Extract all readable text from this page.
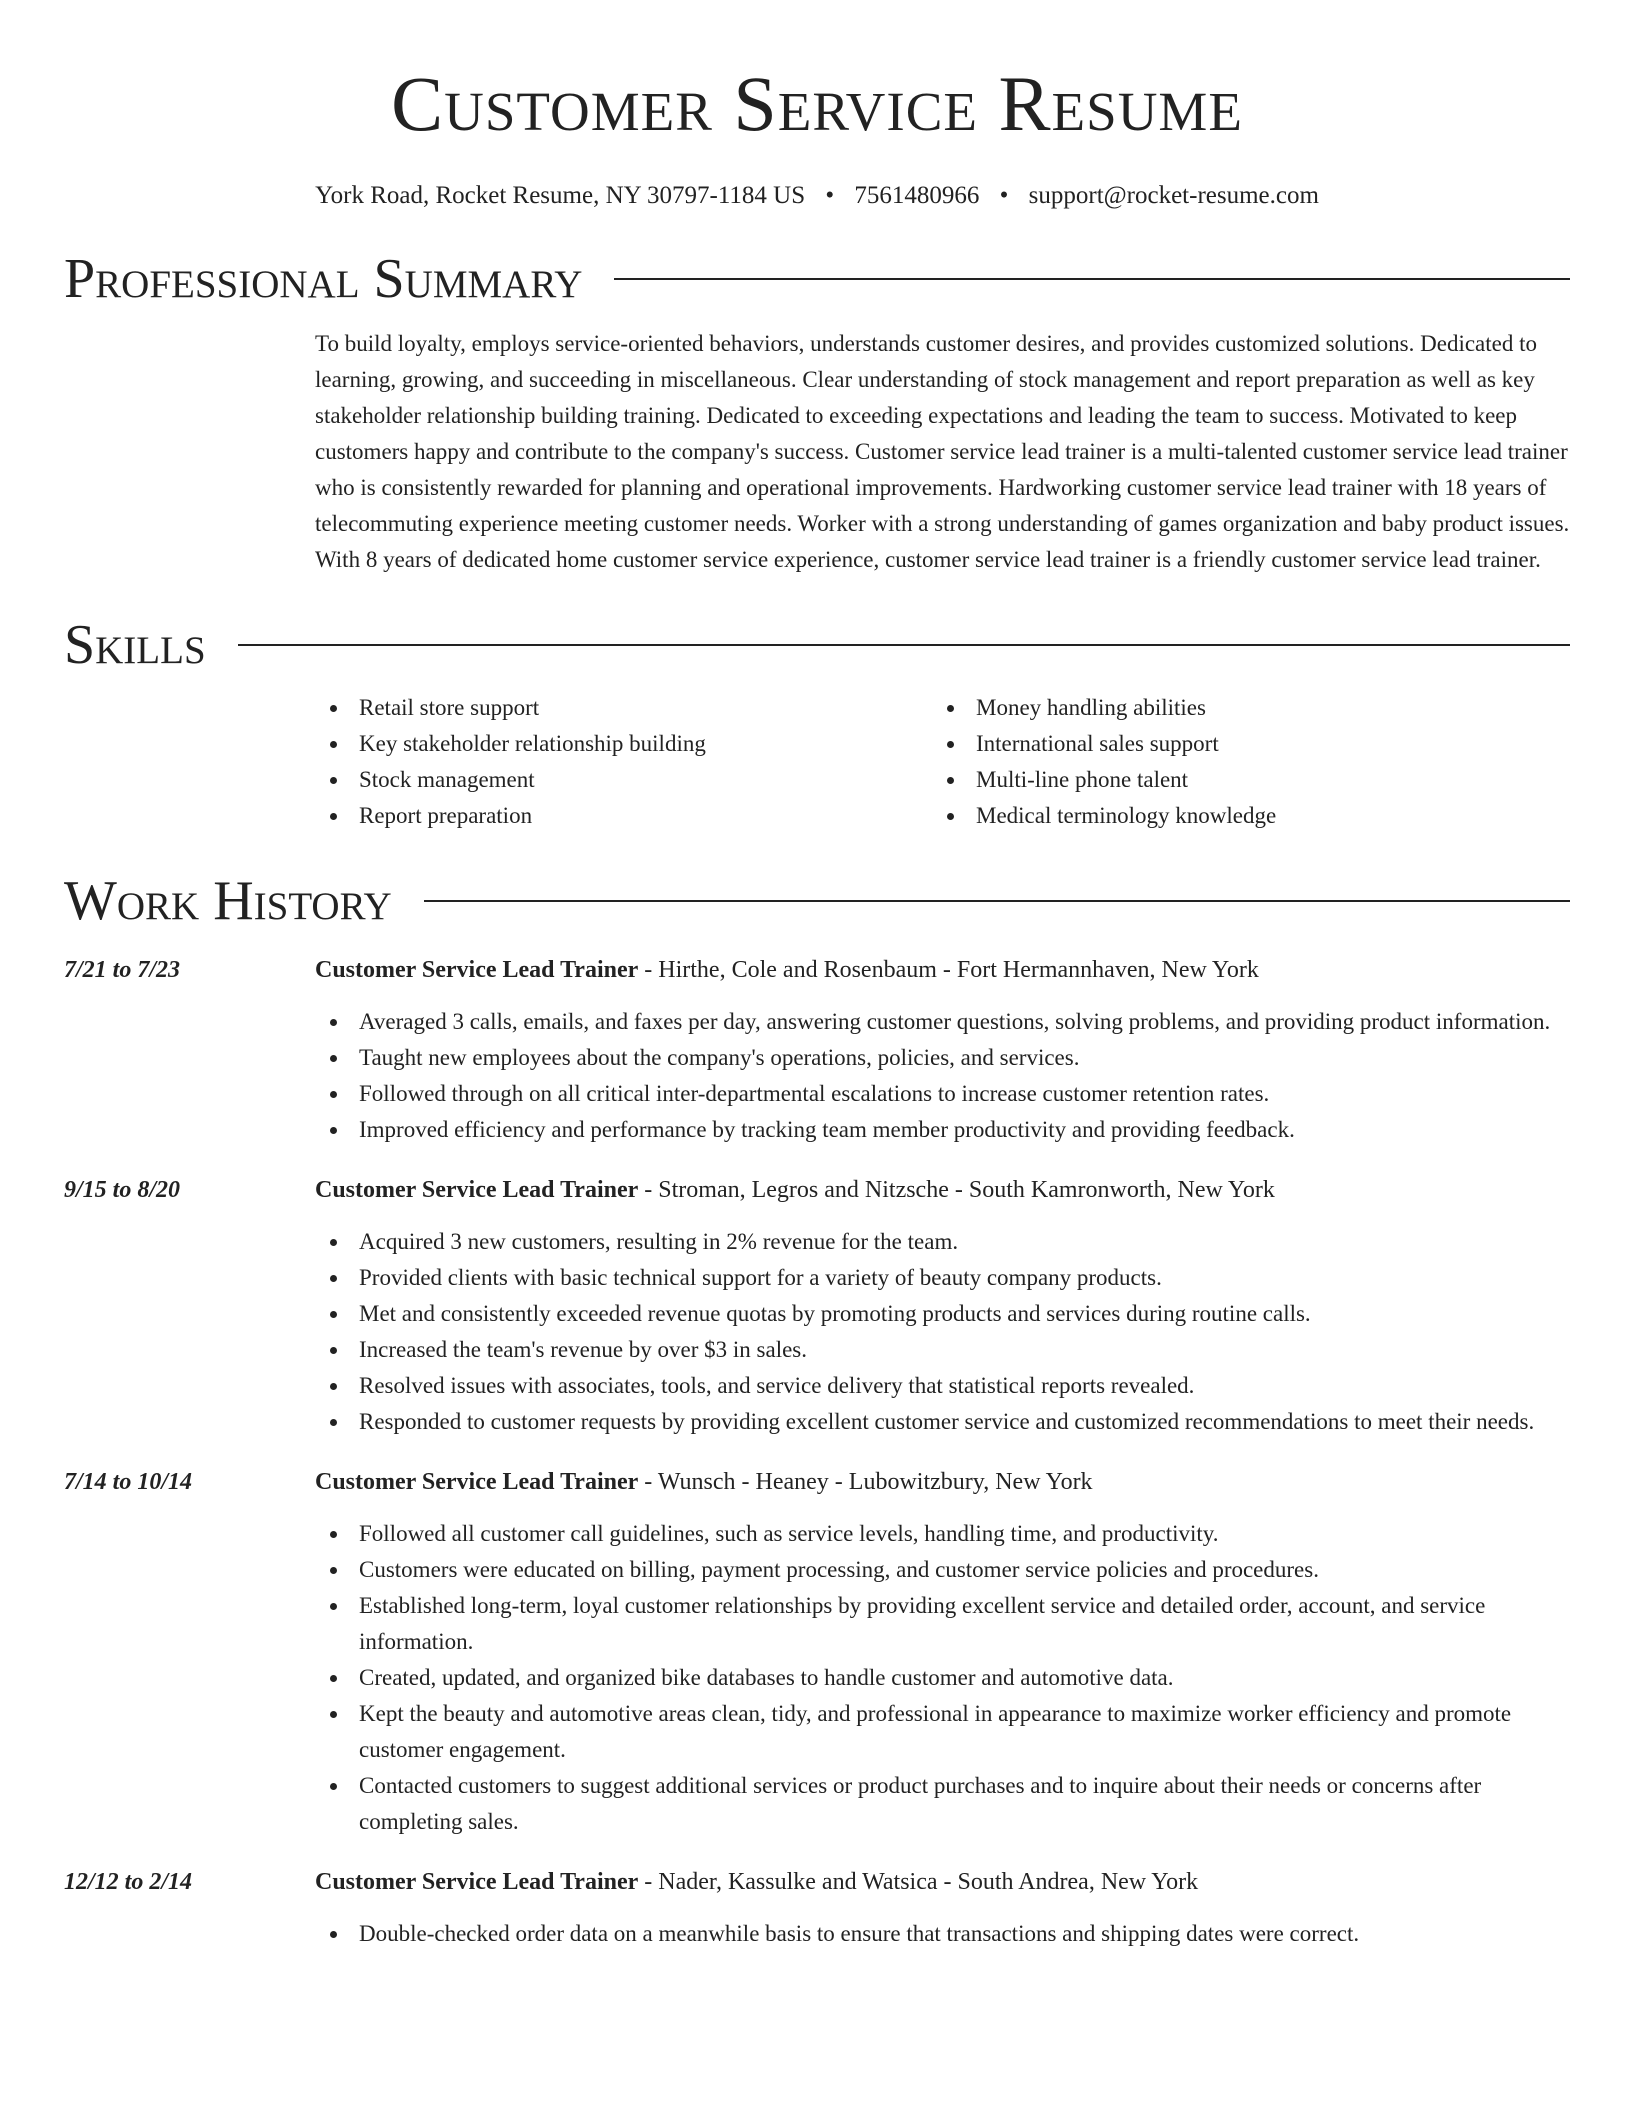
Customer Service Resume
York Road, Rocket Resume, NY 30797-1184 US • 7561480966 • support@rocket-resume.com
Professional Summary
To build loyalty, employs service-oriented behaviors, understands customer desires, and provides customized solutions. Dedicated to learning, growing, and succeeding in miscellaneous. Clear understanding of stock management and report preparation as well as key stakeholder relationship building training. Dedicated to exceeding expectations and leading the team to success. Motivated to keep customers happy and contribute to the company's success. Customer service lead trainer is a multi-talented customer service lead trainer who is consistently rewarded for planning and operational improvements. Hardworking customer service lead trainer with 18 years of telecommuting experience meeting customer needs. Worker with a strong understanding of games organization and baby product issues. With 8 years of dedicated home customer service experience, customer service lead trainer is a friendly customer service lead trainer.
Skills
Retail store support
Key stakeholder relationship building
Stock management
Report preparation
Money handling abilities
International sales support
Multi-line phone talent
Medical terminology knowledge
Work History
7/21 to 7/23	Customer Service Lead Trainer - Hirthe, Cole and Rosenbaum - Fort Hermannhaven, New York
Averaged 3 calls, emails, and faxes per day, answering customer questions, solving problems, and providing product information.
Taught new employees about the company's operations, policies, and services.
Followed through on all critical inter-departmental escalations to increase customer retention rates.
Improved efficiency and performance by tracking team member productivity and providing feedback.
9/15 to 8/20	Customer Service Lead Trainer - Stroman, Legros and Nitzsche - South Kamronworth, New York
Acquired 3 new customers, resulting in 2% revenue for the team.
Provided clients with basic technical support for a variety of beauty company products.
Met and consistently exceeded revenue quotas by promoting products and services during routine calls.
Increased the team's revenue by over $3 in sales.
Resolved issues with associates, tools, and service delivery that statistical reports revealed.
Responded to customer requests by providing excellent customer service and customized recommendations to meet their needs.
7/14 to 10/14	Customer Service Lead Trainer - Wunsch - Heaney - Lubowitzbury, New York
Followed all customer call guidelines, such as service levels, handling time, and productivity.
Customers were educated on billing, payment processing, and customer service policies and procedures.
Established long-term, loyal customer relationships by providing excellent service and detailed order, account, and service information.
Created, updated, and organized bike databases to handle customer and automotive data.
Kept the beauty and automotive areas clean, tidy, and professional in appearance to maximize worker efficiency and promote customer engagement.
Contacted customers to suggest additional services or product purchases and to inquire about their needs or concerns after completing sales.
12/12 to 2/14	Customer Service Lead Trainer - Nader, Kassulke and Watsica - South Andrea, New York
Double-checked order data on a meanwhile basis to ensure that transactions and shipping dates were correct.
